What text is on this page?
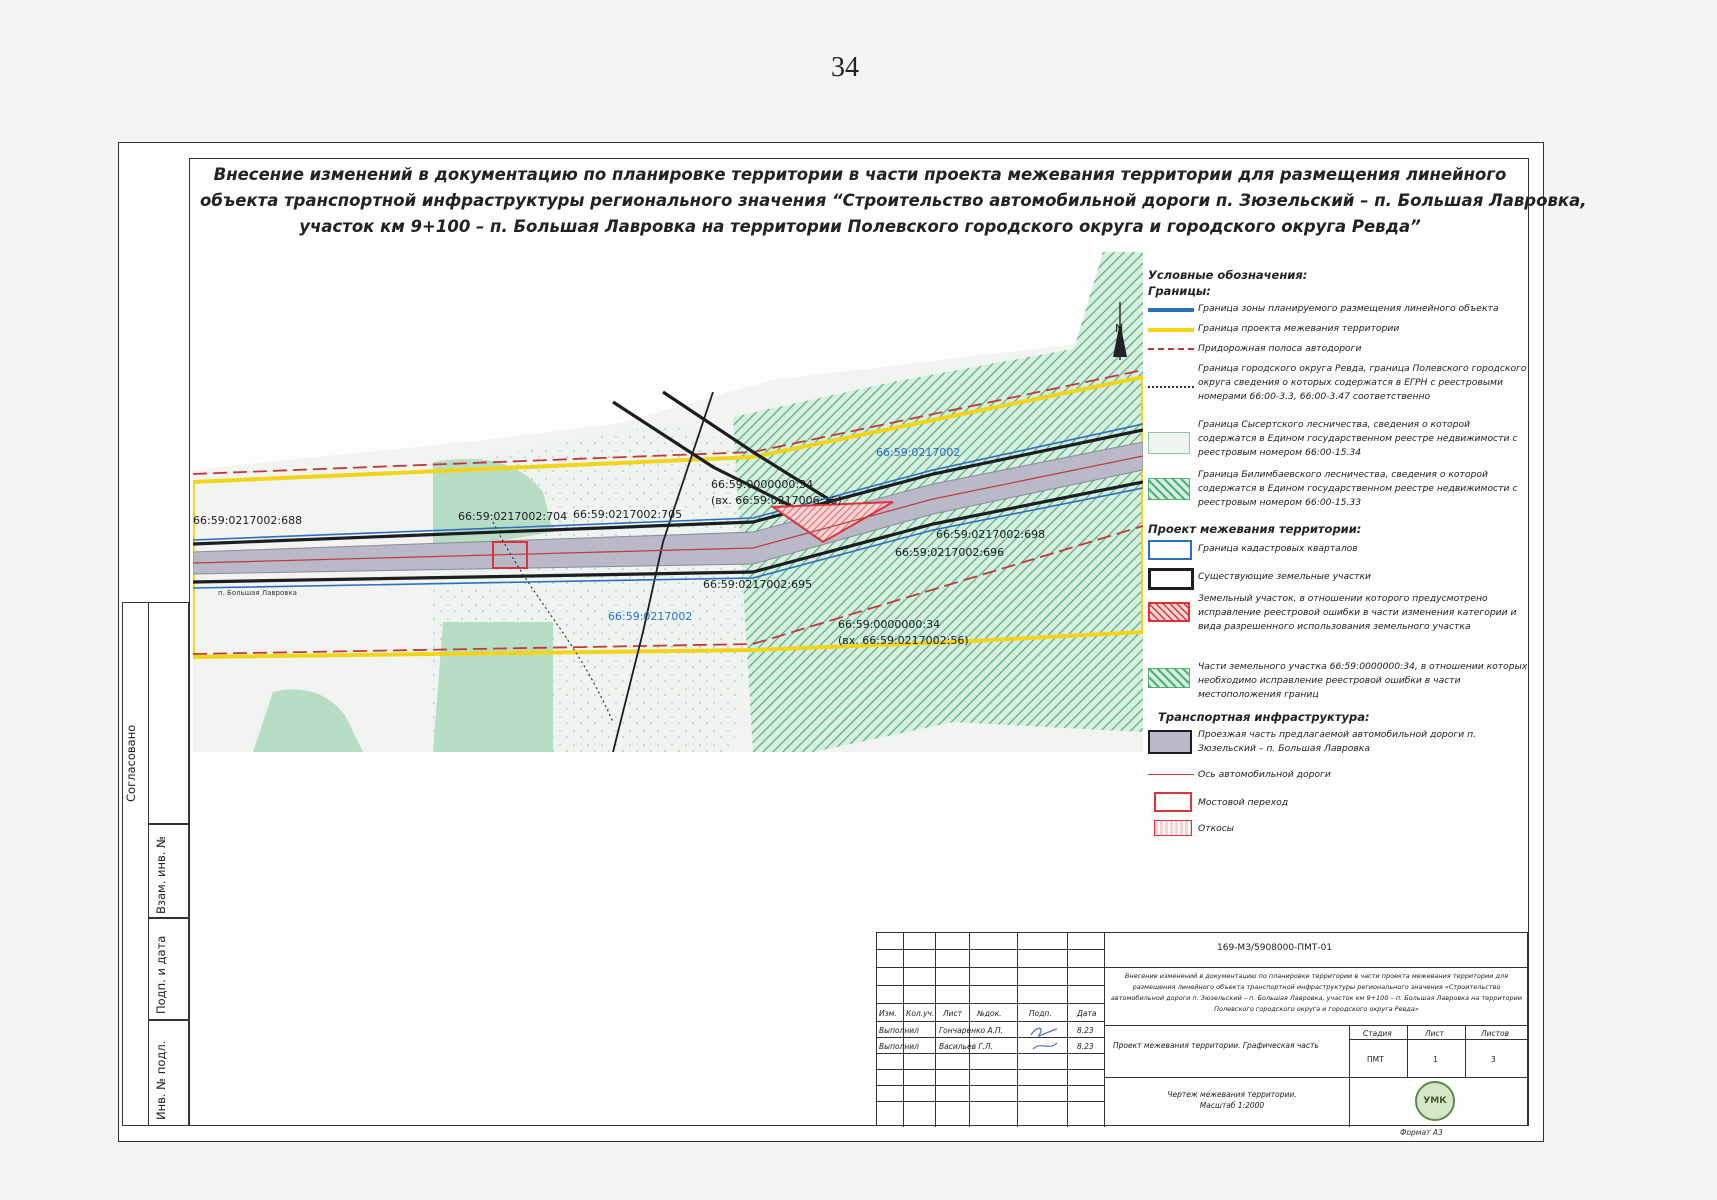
34
Внесение изменений в документацию по планировке территории в части проекта межевания территории для размещения линейного
объекта транспортной инфраструктуры регионального значения “Строительство автомобильной дороги п. Зюзельский – п. Большая Лавровка,
участок км 9+100 – п. Большая Лавровка на территории Полевского городского округа и городского округа Ревда”
N
66:59:0217002:688	66:59:0217002:704 66:59:0217002:705
66:59:0000000:34
(вх. 66:59:0217006:16)
66:59:0217002:698
66:59:0217002:696
66:59:0217002:695
66:59:0000000:34
(вх. 66:59:0217002:56)
66:59:0217002
66:59:0217002
п. Большая Лавровка
Условные обозначения:
Границы:
Граница зоны планируемого размещения линейного объекта
Граница проекта межевания территории
Придорожная полоса автодороги
Граница городского округа Ревда, граница Полевского городского округа сведения о которых содержатся в ЕГРН с реестровыми номерами 66:00-3.3, 66:00-3.47 соответственно
Граница Сысертского лесничества, сведения о которой содержатся в Едином государственном реестре недвижимости с реестровым номером 66:00-15.34
Граница Билимбаевского лесничества, сведения о которой содержатся в Едином государственном реестре недвижимости с реестровым номером 66:00-15.33
Проект межевания территории:
Граница кадастровых кварталов
Существующие земельные участки
Земельный участок, в отношении которого предусмотрено исправление реестровой ошибки в части изменения категории и вида разрешенного использования земельного участка
Части земельного участка 66:59:0000000:34, в отношении которых необходимо исправление реестровой ошибки в части местоположения границ
Транспортная инфраструктура:
Проезжая часть предлагаемой автомобильной дороги п. Зюзельский – п. Большая Лавровка
Ось автомобильной дороги
Мостовой переход
Откосы
Согласовано
Взам. инв. №
Подп. и дата
Инв. № подл.
169-МЗ/5908000-ПМТ-01
Внесение изменений в документацию по планировке территории в части проекта межевания территории для размещения линейного объекта транспортной инфраструктуры регионального значения «Строительство автомобильной дороги п. Зюзельский – п. Большая Лавровка, участок км 9+100 – п. Большая Лавровка на территории Полевского городского округа и городского округа Ревда»
Изм. Кол.уч. Лист №док.	Подп.	Дата
Выполнил	Гончаренко А.П.	8.23
Выполнил	Васильев Г.Л.	8.23	Проект межевания территории. Графическая часть
Стадия	Лист	Листов
ПМТ	1	3
Чертеж межевания территории. Масштаб 1:2000	УМК
Формат А3
